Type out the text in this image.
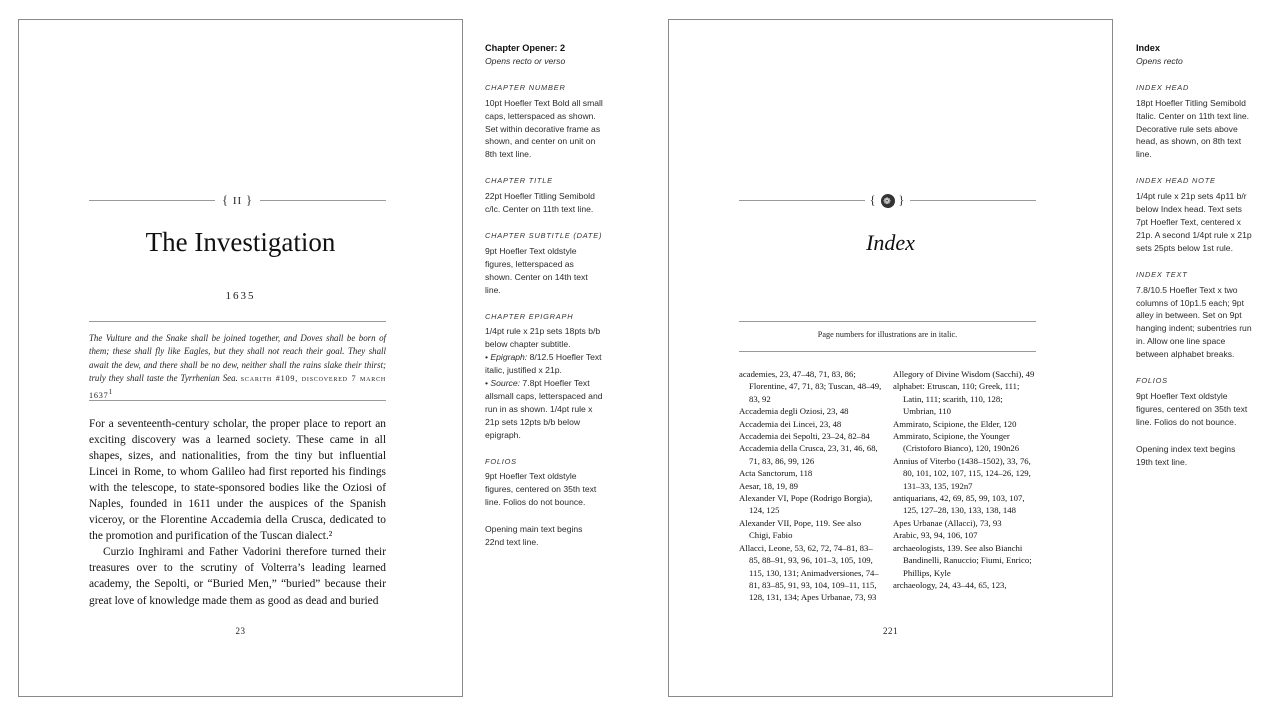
{ II }
The Investigation
1635
The Vulture and the Snake shall be joined together, and Doves shall be born of them; these shall fly like Eagles, but they shall not reach their goal. They shall await the dew, and there shall be no dew, neither shall the rains slake their thirst; truly they shall taste the Tyrrhenian Sea. scarith #109, discovered 7 march 1637$^1$

For a seventeenth-century scholar, the proper place to report an exciting discovery was a learned society. These came in all shapes, sizes, and nationalities, from the tiny but influential Lincei in Rome, to whom Galileo had first reported his findings with the telescope, to state-sponsored bodies like the Oziosi of Naples, founded in 1611 under the auspices of the Spanish viceroy, or the Florentine Accademia della Crusca, dedicated to the promotion and purification of the Tuscan dialect.²

Curzio Inghirami and Father Vadorini therefore turned their treasures over to the scrutiny of Volterra’s leading learned academy, the Sepolti, or “Buried Men,” “buried” because their great love of knowledge made them as good as dead and buried

23
Chapter Opener: 2
Opens recto or verso
CHAPTER NUMBER
10pt Hoefler Text Bold all small caps, letterspaced as shown. Set within decorative frame as shown, and center on unit on 8th text line.
CHAPTER TITLE
22pt Hoefler Titling Semibold c/lc. Center on 11th text line.
CHAPTER SUBTITLE (DATE)
9pt Hoefler Text oldstyle figures, letterspaced as shown. Center on 14th text line.
CHAPTER EPIGRAPH
1/4pt rule x 21p sets 18pts b/b below chapter subtitle.
• Epigraph: 8/12.5 Hoefler Text italic, justified x 21p.
• Source: 7.8pt Hoefler Text allsmall caps, letterspaced and run in as shown. 1/4pt rule x 21p sets 12pts b/b below epigraph.
FOLIOS
9pt Hoefler Text oldstyle figures, centered on 35th text line. Folios do not bounce.
Opening main text begins 22nd text line.
{ ❁ }
Index
Page numbers for illustrations are in italic.
academies, 23, 47–48, 71, 83, 86; Florentine, 47, 71, 83; Tuscan, 48–49, 83, 92
Accademia degli Oziosi, 23, 48
Accademia dei Lincei, 23, 48
Accademia dei Sepolti, 23–24, 82–84
Accademia della Crusca, 23, 31, 46, 68, 71, 83, 86, 99, 126
Acta Sanctorum, 118
Aesar, 18, 19, 89
Alexander VI, Pope (Rodrigo Borgia), 124, 125
Alexander VII, Pope, 119. See also Chigi, Fabio
Allacci, Leone, 53, 62, 72, 74–81, 83–85, 88–91, 93, 96, 101–3, 105, 109, 115, 130, 131; Animadversiones, 74–81, 83–85, 91, 93, 104, 109–11, 115, 128, 131, 134; Apes Urbanae, 73, 93
Allegory of Divine Wisdom (Sacchi), 49
alphabet: Etruscan, 110; Greek, 111; Latin, 111; scarith, 110, 128; Umbrian, 110
Ammirato, Scipione, the Elder, 120
Ammirato, Scipione, the Younger (Cristoforo Bianco), 120, 190n26
Annius of Viterbo (1438–1502), 33, 76, 80, 101, 102, 107, 115, 124–26, 129, 131–33, 135, 192n7
antiquarians, 42, 69, 85, 99, 103, 107, 125, 127–28, 130, 133, 138, 148
Apes Urbanae (Allacci), 73, 93
Arabic, 93, 94, 106, 107
archaeologists, 139. See also Bianchi Bandinelli, Ranuccio; Fiumi, Enrico; Phillips, Kyle
archaeology, 24, 43–44, 65, 123,
221
Index
Opens recto
INDEX HEAD
18pt Hoefler Titling Semibold Italic. Center on 11th text line. Decorative rule sets above head, as shown, on 8th text line.
INDEX HEAD NOTE
1/4pt rule x 21p sets 4p11 b/r below Index head. Text sets 7pt Hoefler Text, centered x 21p. A second 1/4pt rule x 21p sets 25pts below 1st rule.
INDEX TEXT
7.8/10.5 Hoefler Text x two columns of 10p1.5 each; 9pt alley in between. Set on 9pt hanging indent; subentries run in. Allow one line space between alphabet breaks.
FOLIOS
9pt Hoefler Text oldstyle figures, centered on 35th text line. Folios do not bounce.
Opening index text begins 19th text line.
